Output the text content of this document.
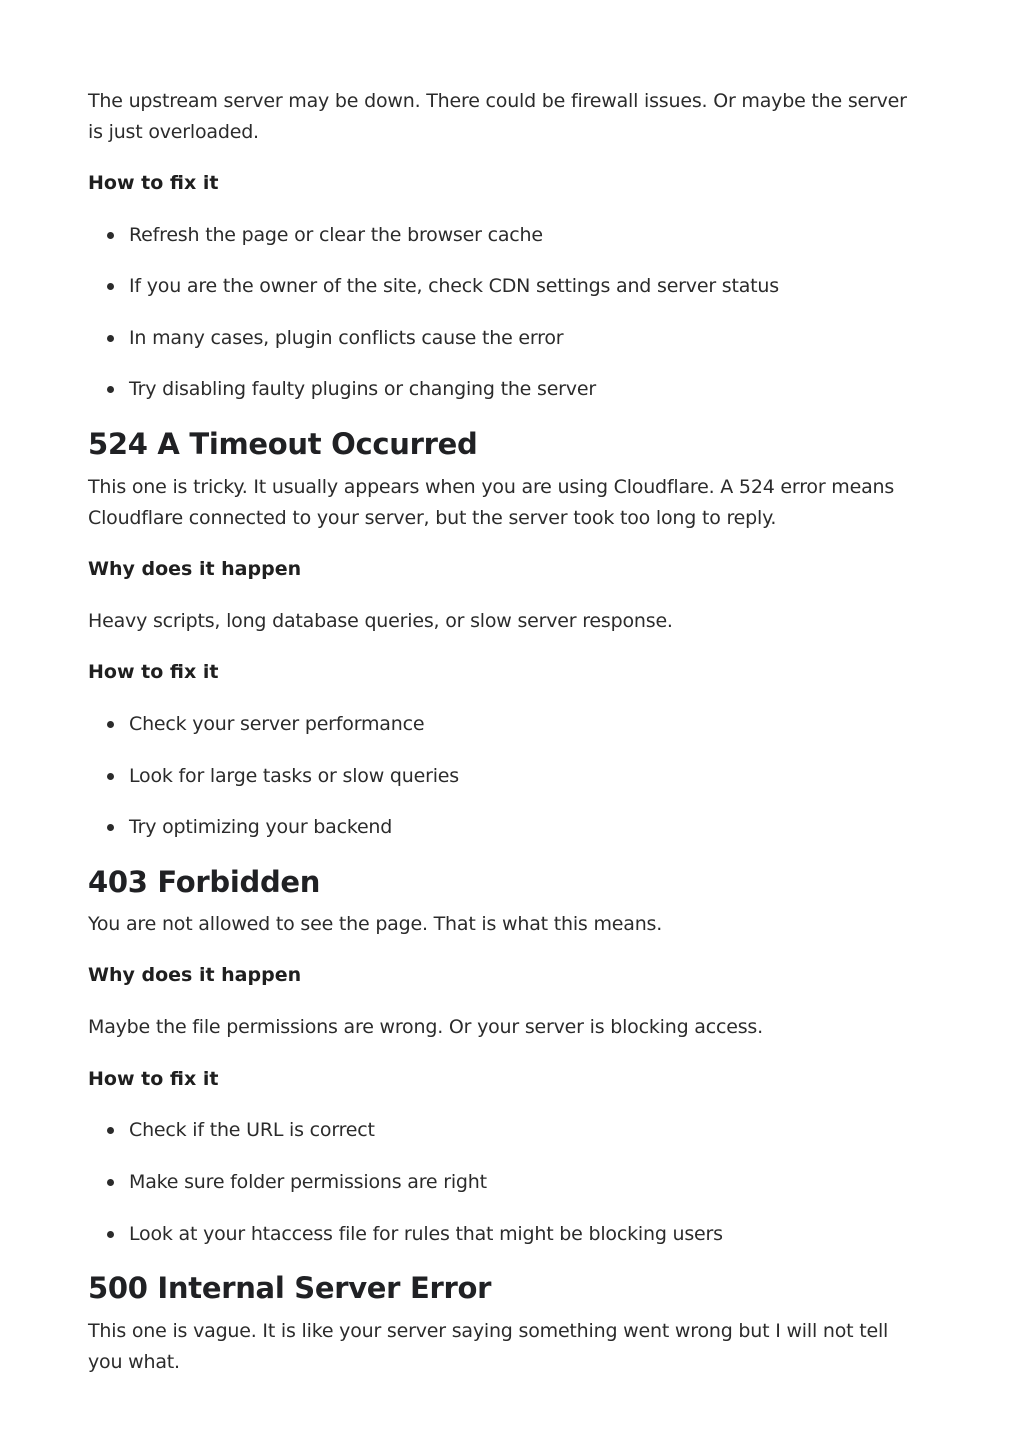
The upstream server may be down. There could be firewall issues. Or maybe the server is just overloaded.

How to fix it

Refresh the page or clear the browser cache
If you are the owner of the site, check CDN settings and server status
In many cases, plugin conflicts cause the error
Try disabling faulty plugins or changing the server
524 A Timeout Occurred

This one is tricky. It usually appears when you are using Cloudflare. A 524 error means Cloudflare connected to your server, but the server took too long to reply.

Why does it happen

Heavy scripts, long database queries, or slow server response.

How to fix it

Check your server performance
Look for large tasks or slow queries
Try optimizing your backend
403 Forbidden

You are not allowed to see the page. That is what this means.

Why does it happen

Maybe the file permissions are wrong. Or your server is blocking access.

How to fix it

Check if the URL is correct
Make sure folder permissions are right
Look at your htaccess file for rules that might be blocking users
500 Internal Server Error

This one is vague. It is like your server saying something went wrong but I will not tell you what.
